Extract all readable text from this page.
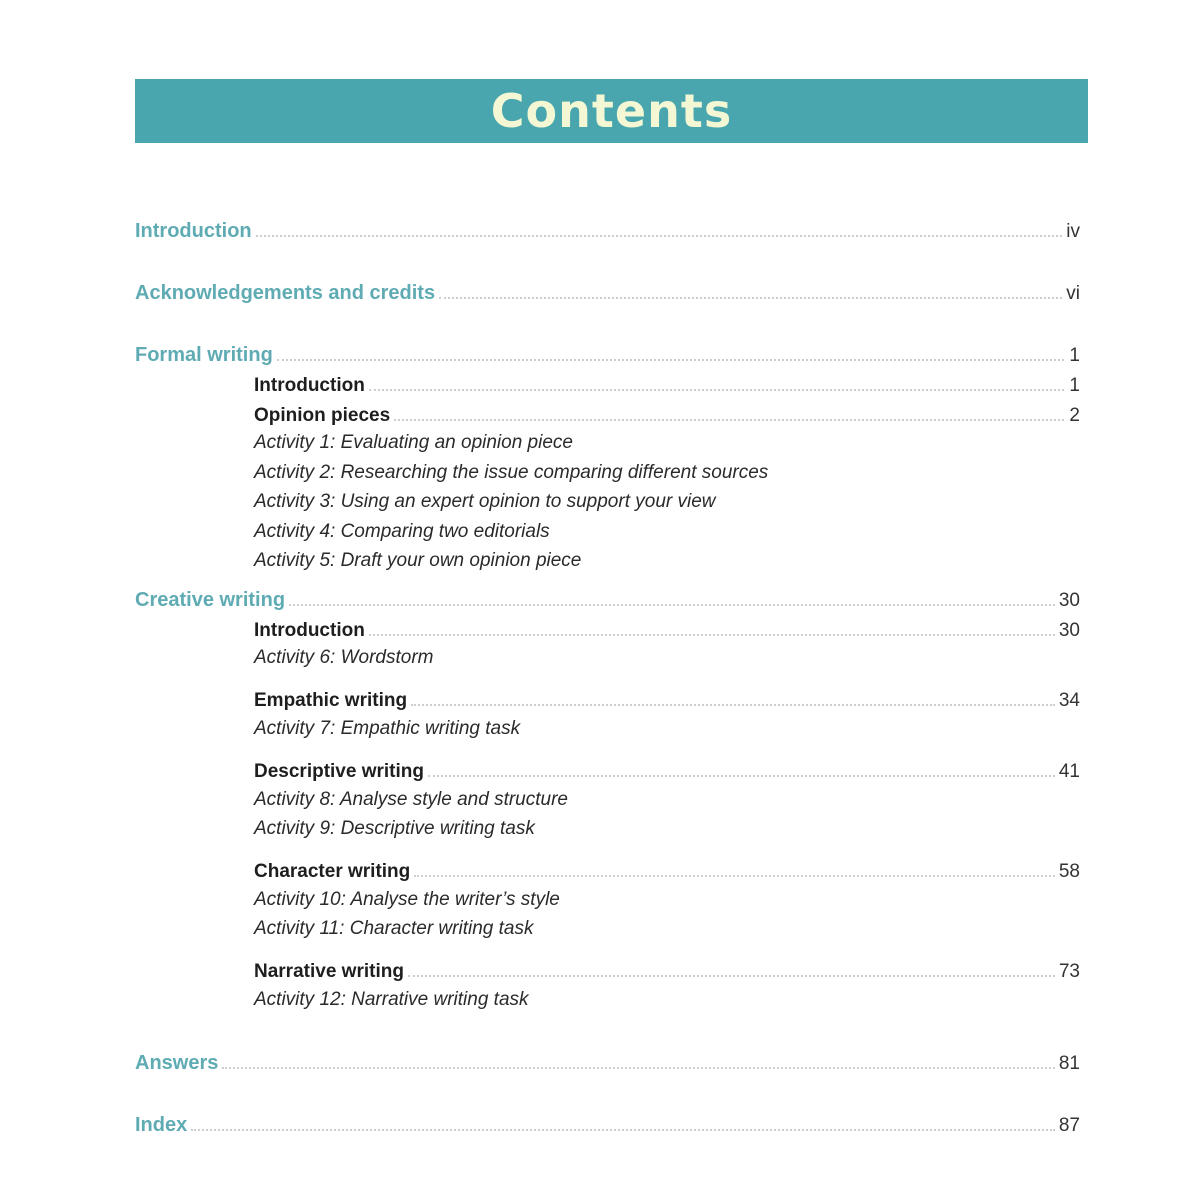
Contents
Introduction	iv
Acknowledgements and credits	vi
Formal writing	1
Introduction	1
Opinion pieces	2
Activity 1: Evaluating an opinion piece
Activity 2: Researching the issue comparing different sources
Activity 3: Using an expert opinion to support your view
Activity 4: Comparing two editorials
Activity 5: Draft your own opinion piece
Creative writing	30
Introduction	30
Activity 6: Wordstorm
Empathic writing	34
Activity 7: Empathic writing task
Descriptive writing	41
Activity 8: Analyse style and structure
Activity 9: Descriptive writing task
Character writing	58
Activity 10: Analyse the writer’s style
Activity 11: Character writing task
Narrative writing	73
Activity 12: Narrative writing task
Answers	81
Index	87
